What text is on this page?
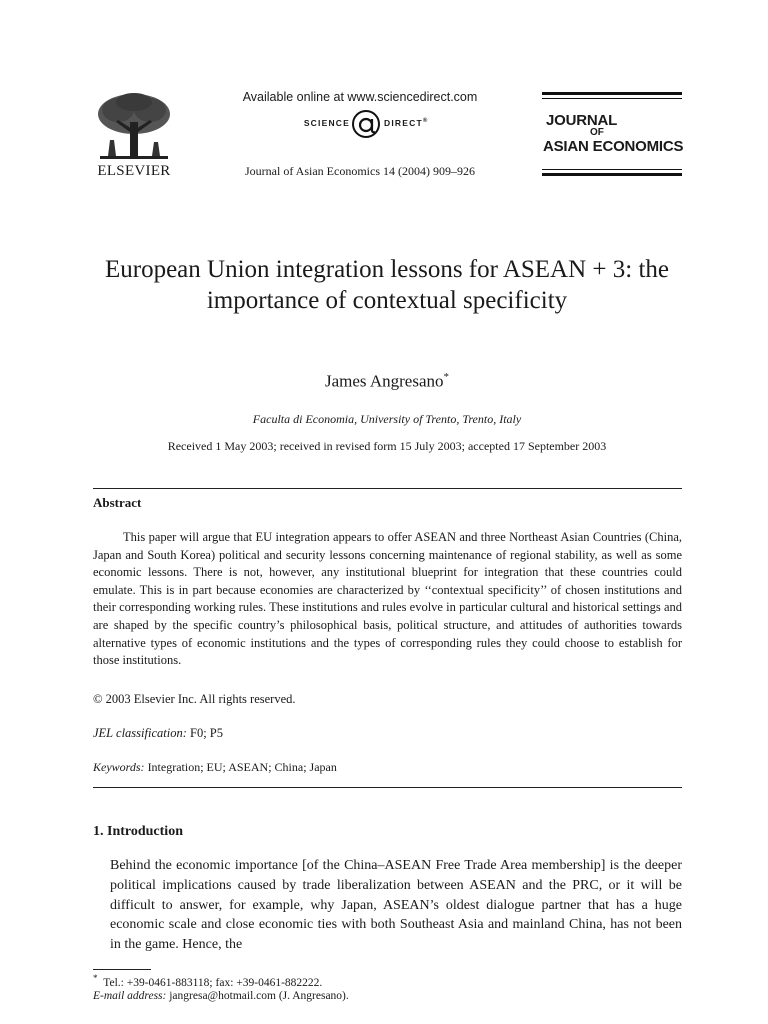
ELSEVIER
Available online at www.sciencedirect.com
SCIENCE	DIRECT®
Journal of Asian Economics 14 (2004) 909–926
JOURNAL
OF
ASIAN ECONOMICS
European Union integration lessons for ASEAN + 3: the importance of contextual specificity
James Angresano*
Faculta di Economia, University of Trento, Trento, Italy
Received 1 May 2003; received in revised form 15 July 2003; accepted 17 September 2003
Abstract
This paper will argue that EU integration appears to offer ASEAN and three Northeast Asian Countries (China, Japan and South Korea) political and security lessons concerning maintenance of regional stability, as well as some economic lessons. There is not, however, any institutional blueprint for integration that these countries could emulate. This is in part because economies are characterized by ‘‘contextual specificity’’ of chosen institutions and their corresponding working rules. These institutions and rules evolve in particular cultural and historical settings and are shaped by the specific country’s philosophical basis, political structure, and attitudes of authorities towards alternative types of economic institutions and the types of corresponding rules they could choose to establish for those institutions.
© 2003 Elsevier Inc. All rights reserved.
JEL classification: F0; P5
Keywords: Integration; EU; ASEAN; China; Japan
1. Introduction
Behind the economic importance [of the China–ASEAN Free Trade Area membership] is the deeper political implications caused by trade liberalization between ASEAN and the PRC, or it will be difficult to answer, for example, why Japan, ASEAN’s oldest dialogue partner that has a huge economic scale and close economic ties with both Southeast Asia and mainland China, has not been in the game. Hence, the
* Tel.: +39-0461-883118; fax: +39-0461-882222.
E-mail address: jangresa@hotmail.com (J. Angresano).
